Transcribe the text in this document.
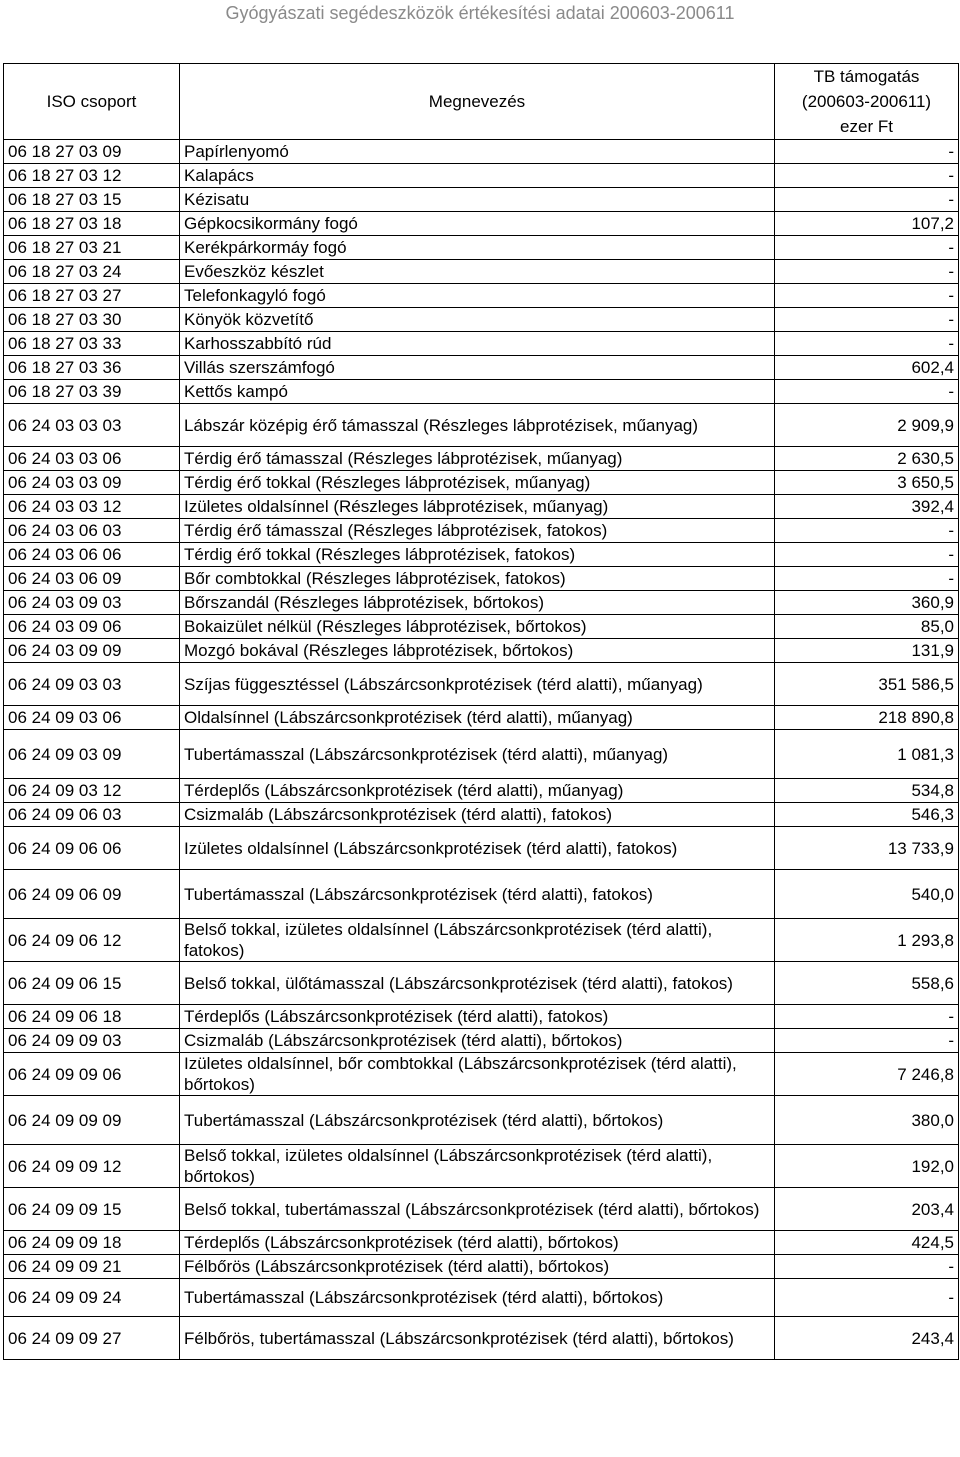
Gyógyászati segédeszközök értékesítési adatai 200603-200611
ISO csoport	Megnevezés	TB támogatás
(200603-200611)
ezer Ft

06 18 27 03 09	Papírlenyomó	-
06 18 27 03 12	Kalapács	-
06 18 27 03 15	Kézisatu	-
06 18 27 03 18	Gépkocsikormány fogó	107,2
06 18 27 03 21	Kerékpárkormáy fogó	-
06 18 27 03 24	Evőeszköz készlet	-
06 18 27 03 27	Telefonkagyló fogó	-
06 18 27 03 30	Könyök közvetítő	-
06 18 27 03 33	Karhosszabbító rúd	-
06 18 27 03 36	Villás szerszámfogó	602,4
06 18 27 03 39	Kettős kampó	-
06 24 03 03 03	Lábszár középig érő támasszal (Részleges lábprotézisek, műanyag)	2 909,9
06 24 03 03 06	Térdig érő támasszal (Részleges lábprotézisek, műanyag)	2 630,5
06 24 03 03 09	Térdig érő tokkal (Részleges lábprotézisek, műanyag)	3 650,5
06 24 03 03 12	Izületes oldalsínnel (Részleges lábprotézisek, műanyag)	392,4
06 24 03 06 03	Térdig érő támasszal (Részleges lábprotézisek, fatokos)	-
06 24 03 06 06	Térdig érő tokkal (Részleges lábprotézisek, fatokos)	-
06 24 03 06 09	Bőr combtokkal (Részleges lábprotézisek, fatokos)	-
06 24 03 09 03	Bőrszandál (Részleges lábprotézisek, bőrtokos)	360,9
06 24 03 09 06	Bokaizület nélkül (Részleges lábprotézisek, bőrtokos)	85,0
06 24 03 09 09	Mozgó bokával (Részleges lábprotézisek, bőrtokos)	131,9
06 24 09 03 03	Szíjas függesztéssel (Lábszárcsonkprotézisek (térd alatti), műanyag)	351 586,5
06 24 09 03 06	Oldalsínnel (Lábszárcsonkprotézisek (térd alatti), műanyag)	218 890,8
06 24 09 03 09	Tubertámasszal (Lábszárcsonkprotézisek (térd alatti), műanyag)	1 081,3
06 24 09 03 12	Térdeplős (Lábszárcsonkprotézisek (térd alatti), műanyag)	534,8
06 24 09 06 03	Csizmaláb (Lábszárcsonkprotézisek (térd alatti), fatokos)	546,3
06 24 09 06 06	Izületes oldalsínnel (Lábszárcsonkprotézisek (térd alatti), fatokos)	13 733,9
06 24 09 06 09	Tubertámasszal (Lábszárcsonkprotézisek (térd alatti), fatokos)	540,0
06 24 09 06 12	Belső tokkal, izületes oldalsínnel (Lábszárcsonkprotézisek (térd alatti), fatokos)	1 293,8
06 24 09 06 15	Belső tokkal, ülőtámasszal (Lábszárcsonkprotézisek (térd alatti), fatokos)	558,6
06 24 09 06 18	Térdeplős (Lábszárcsonkprotézisek (térd alatti), fatokos)	-
06 24 09 09 03	Csizmaláb (Lábszárcsonkprotézisek (térd alatti), bőrtokos)	-
06 24 09 09 06	Izületes oldalsínnel, bőr combtokkal (Lábszárcsonkprotézisek (térd alatti), bőrtokos)	7 246,8
06 24 09 09 09	Tubertámasszal (Lábszárcsonkprotézisek (térd alatti), bőrtokos)	380,0
06 24 09 09 12	Belső tokkal, izületes oldalsínnel (Lábszárcsonkprotézisek (térd alatti), bőrtokos)	192,0
06 24 09 09 15	Belső tokkal, tubertámasszal (Lábszárcsonkprotézisek (térd alatti), bőrtokos)	203,4
06 24 09 09 18	Térdeplős (Lábszárcsonkprotézisek (térd alatti), bőrtokos)	424,5
06 24 09 09 21	Félbőrös (Lábszárcsonkprotézisek (térd alatti), bőrtokos)	-
06 24 09 09 24	Tubertámasszal (Lábszárcsonkprotézisek (térd alatti), bőrtokos)	-
06 24 09 09 27	Félbőrös, tubertámasszal (Lábszárcsonkprotézisek (térd alatti), bőrtokos)	243,4
